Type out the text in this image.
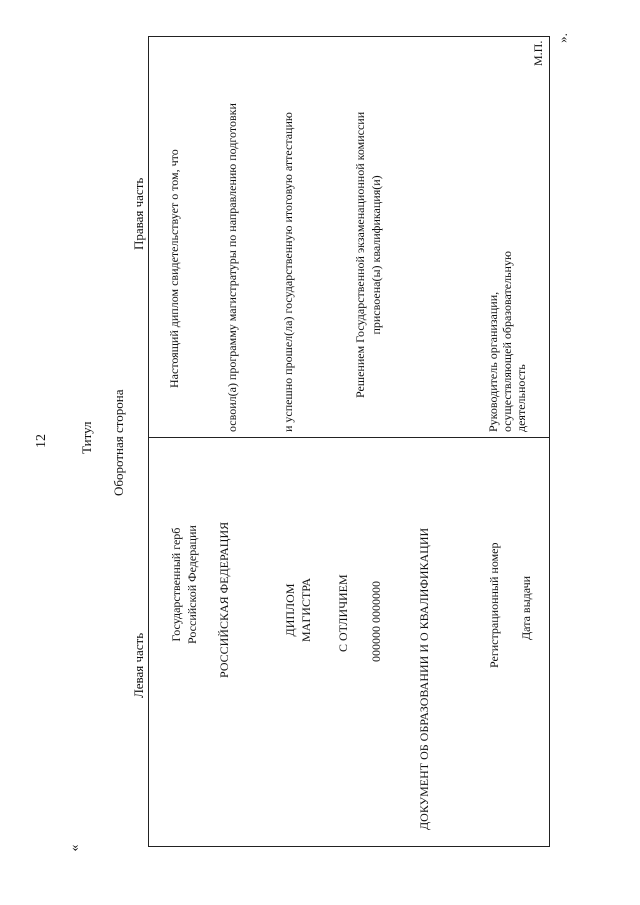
12 Титул Оборотная сторона
Левая часть
Правая часть
«
».
Государственный герб Российской Федерации РОССИЙСКАЯ ФЕДЕРАЦИЯ	ДИПЛОМ МАГИСТРА С ОТЛИЧИЕМ 000000 0000000	ДОКУМЕНТ ОБ ОБРАЗОВАНИИ И О КВАЛИФИКАЦИИ	Регистрационный номер Дата выдачи
Настоящий диплом свидетельствует о том, что	освоил(а) программу магистратуры по направлению подготовки	и успешно прошел(ла) государственную итоговую аттестацию	Решением Государственной экзаменационной комиссии присвоена(ы) квалификация(и)
Руководитель организации, осуществляющей образовательную деятельность
М.П.
